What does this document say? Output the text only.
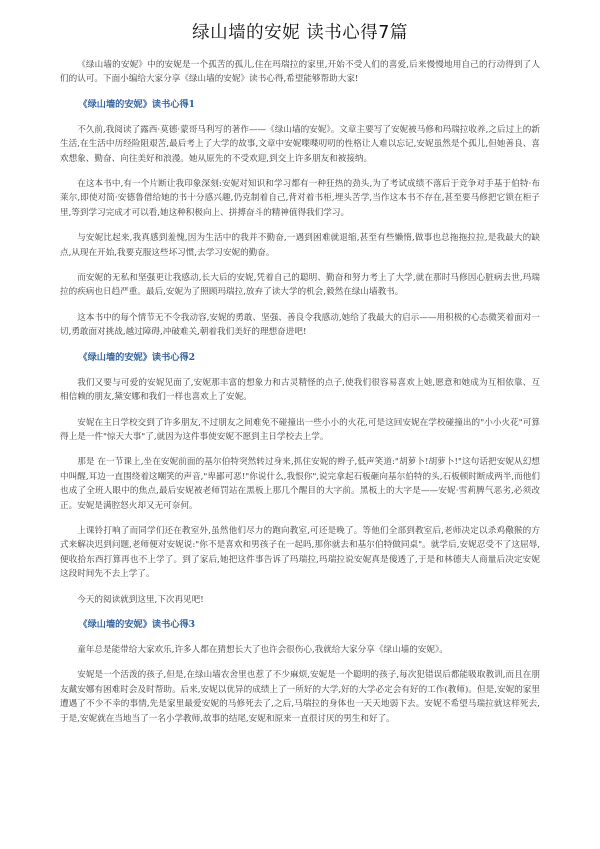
绿山墙的安妮 读书心得7篇

《绿山墙的安妮》中的安妮是一个孤苦的孤儿,住在玛瑞拉的家里,开始不受人们的喜爱,后来慢慢地用自己的行动得到了人们的认可。下面小编给大家分享《绿山墙的安妮》读书心得,希望能够帮助大家!

《绿山墙的安妮》读书心得1

不久前,我阅读了露西·莫德·蒙哥马利写的著作——《绿山墙的安妮》。文章主要写了安妮被马修和玛瑞拉收养,之后过上的新生活,在生活中历经险阻艰苦,最后考上了大学的故事,文章中安妮喋喋叨叨的性格让人难以忘记,安妮虽然是个孤儿,但她善良、喜欢想象、勤奋、向往美好和浪漫。她从原先的不受欢迎,到交上许多朋友和被接纳。

在这本书中,有一个片断让我印象深刻:安妮对知识和学习都有一种狂热的劲头,为了考试成绩不落后于竞争对手基于伯特·布莱尔,即使对简·安德鲁借给她的书十分感兴趣,仍克制着自己,背对着书柜,埋头苦学,当作这本书不存在,甚至要马修把它锁在柜子里,等到学习完成才可以看,她这种积极向上、拼搏奋斗的精神值得我们学习。

与安妮比起来,我真感到羞愧,因为生活中的我并不勤奋,一遇到困难就退缩,甚至有些懒惰,做事也总拖拖拉拉,是我最大的缺点,从现在开始,我要克服这些坏习惯,去学习安妮的勤奋。

而安妮的无私和坚强更让我感动,长大后的安妮,凭着自己的聪明、勤奋和努力考上了大学,就在那时马修因心脏病去世,玛瑞拉的疾病也日趋严重。最后,安妮为了照顾玛瑞拉,放弃了读大学的机会,毅然在绿山墙教书。

这本书中的每个情节无不令我动容,安妮的勇敢、坚强、善良令我感动,她给了我最大的启示——用积极的心态微笑着面对一切,勇敢面对挑战,越过障碍,冲破难关,朝着我们美好的理想奋进吧!

《绿山墙的安妮》读书心得2

我们又要与可爱的安妮见面了,安妮那丰富的想象力和古灵精怪的点子,使我们很容易喜欢上她,愿意和她成为互相依靠、互相信赖的朋友,黛安娜和我们一样也喜欢上了安妮。

安妮在主日学校交到了许多朋友,不过朋友之间难免不碰撞出一些小小的火花,可是这回安妮在学校碰撞出的"小小火花"可算得上是一件"惊天大事"了,就因为这件事使安妮不愿到主日学校去上学。

那是 在一节课上,坐在安妮前面的基尔伯特突然转过身来,抓住安妮的辫子,低声笑道:"胡萝卜!胡萝卜!"这句话把安妮从幻想中叫醒,耳边一直围绕着这嘲笑的声音,"卑鄙可恶!"你说什么,我恨你",说完拿起石板砸向基尔伯特的头,石板顿时断成两半,而他们也成了全班人眼中的焦点,最后安妮被老师罚站在黑板上那几个醒目的大字前。黑板上的大字是——安妮·雪莉脾气恶劣,必须改正。安妮是满腔怒火却又无可奈何。

上课铃打响了而同学们还在教室外,虽然他们尽力的跑向教室,可还是晚了。等他们全部到教室后,老师决定以杀鸡儆猴的方式来解决迟到问题,老师便对安妮说:"你不是喜欢和男孩子在一起吗,那你就去和基尔伯特做同桌"。就学后,安妮忍受不了这屈辱,便收拾东西打算再也不上学了。到了家后,她把这件事告诉了玛瑞拉,玛瑞拉说安妮真是傻透了,于是和林德夫人商量后决定安妮这段时间先不去上学了。

今天的阅读就到这里,下次再见吧!

《绿山墙的安妮》读书心得3

童年总是能带给大家欢乐,许多人都在猜想长大了也许会很伤心,我就给大家分享《绿山墙的安妮》。

安妮是一个活泼的孩子,但是,在绿山墙农舍里也惹了不少麻烦,安妮是一个聪明的孩子,每次犯错误后都能吸取教训,而且在朋友戴安娜有困难时会及时帮助。后来,安妮以优异的成绩上了一所好的大学,好的大学必定会有好的工作(教师)。但是,安妮的家里遭遇了不少不幸的事情,先是家里最爱安妮的马修死去了,之后,马瑞拉的身体也一天天地弱下去。安妮不希望马瑞拉就这样死去,于是,安妮就在当地当了一名小学教师,故事的结尾,安妮和原来一直很讨厌的男生和好了。
